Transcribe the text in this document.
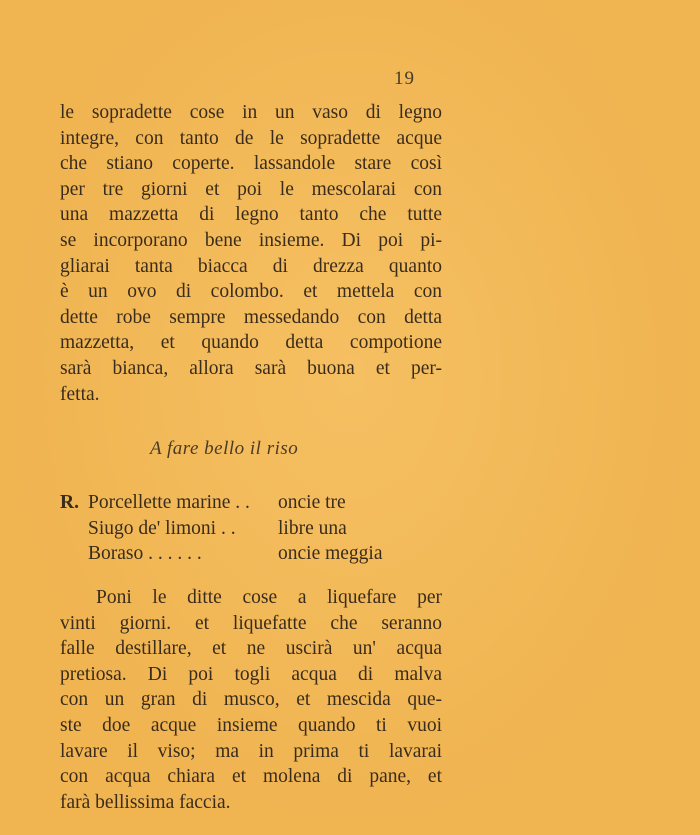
19
le sopradette cose in un vaso di legno
integre, con tanto de le sopradette acque
che stiano coperte. lassandole stare così
per tre giorni et poi le mescolarai con
una mazzetta di legno tanto che tutte
se incorporano bene insieme. Di poi pi-
gliarai tanta biacca di drezza quanto
è un ovo di colombo. et mettela con
dette robe sempre messedando con detta
mazzetta, et quando detta compotione
sarà bianca, allora sarà buona et per-
fetta.
A fare bello il riso
R. Porcellette marine . .	oncie tre
Siugo de' limoni . .	libre una
Boraso . . . . . .	oncie meggia
Poni le ditte cose a liquefare per
vinti giorni. et liquefatte che seranno
falle destillare, et ne uscirà un' acqua
pretiosa. Di poi togli acqua di malva
con un gran di musco, et mescida que-
ste doe acque insieme quando ti vuoi
lavare il viso; ma in prima ti lavarai
con acqua chiara et molena di pane, et
farà bellissima faccia.
